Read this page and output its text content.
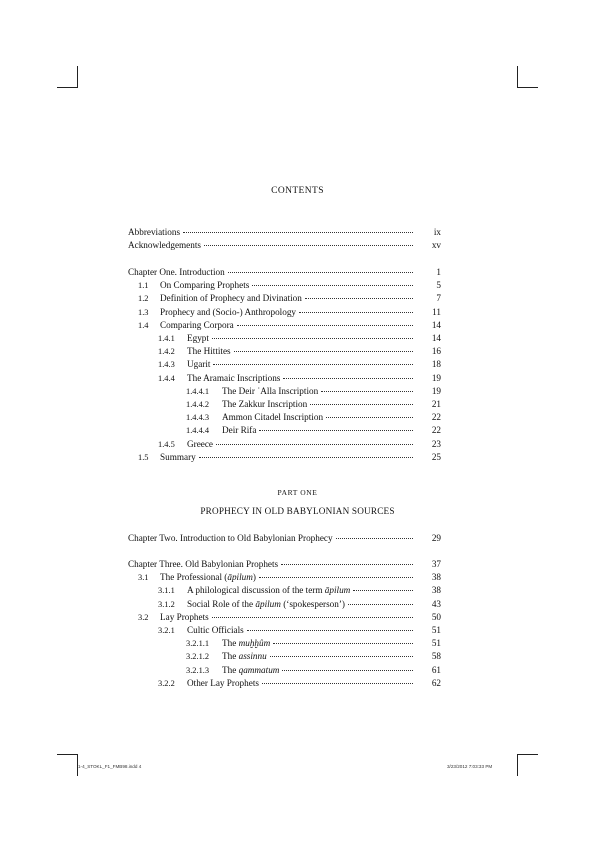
CONTENTS
Abbreviations	ix
Acknowledgements	xv
Chapter One. Introduction	1
1.1	On Comparing Prophets	5
1.2	Definition of Prophecy and Divination	7
1.3	Prophecy and (Socio-) Anthropology	11
1.4	Comparing Corpora	14
1.4.1	Egypt	14
1.4.2	The Hittites	16
1.4.3	Ugarit	18
1.4.4	The Aramaic Inscriptions	19
1.4.4.1	The Deir ʿAlla Inscription	19
1.4.4.2	The Zakkur Inscription	21
1.4.4.3	Ammon Citadel Inscription	22
1.4.4.4	Deir Rifa	22
1.4.5	Greece	23
1.5	Summary	25
Chapter Two. Introduction to Old Babylonian Prophecy	29
Chapter Three. Old Babylonian Prophets	37
3.1	The Professional (āpilum)	38
3.1.1	A philological discussion of the term āpilum	38
3.1.2	Social Role of the āpilum (‘spokesperson’)	43
3.2	Lay Prophets	50
3.2.1	Cultic Officials	51
3.2.1.1	The muḫḫûm	51
3.2.1.2	The assinnu	58
3.2.1.3	The qammatum	61
3.2.2	Other Lay Prophets	62
PART ONE
PROPHECY IN OLD BABYLONIAN SOURCES
1-4_STOKL_F1_FMB98.indd 4	3/23/2012 7:03:33 PM
